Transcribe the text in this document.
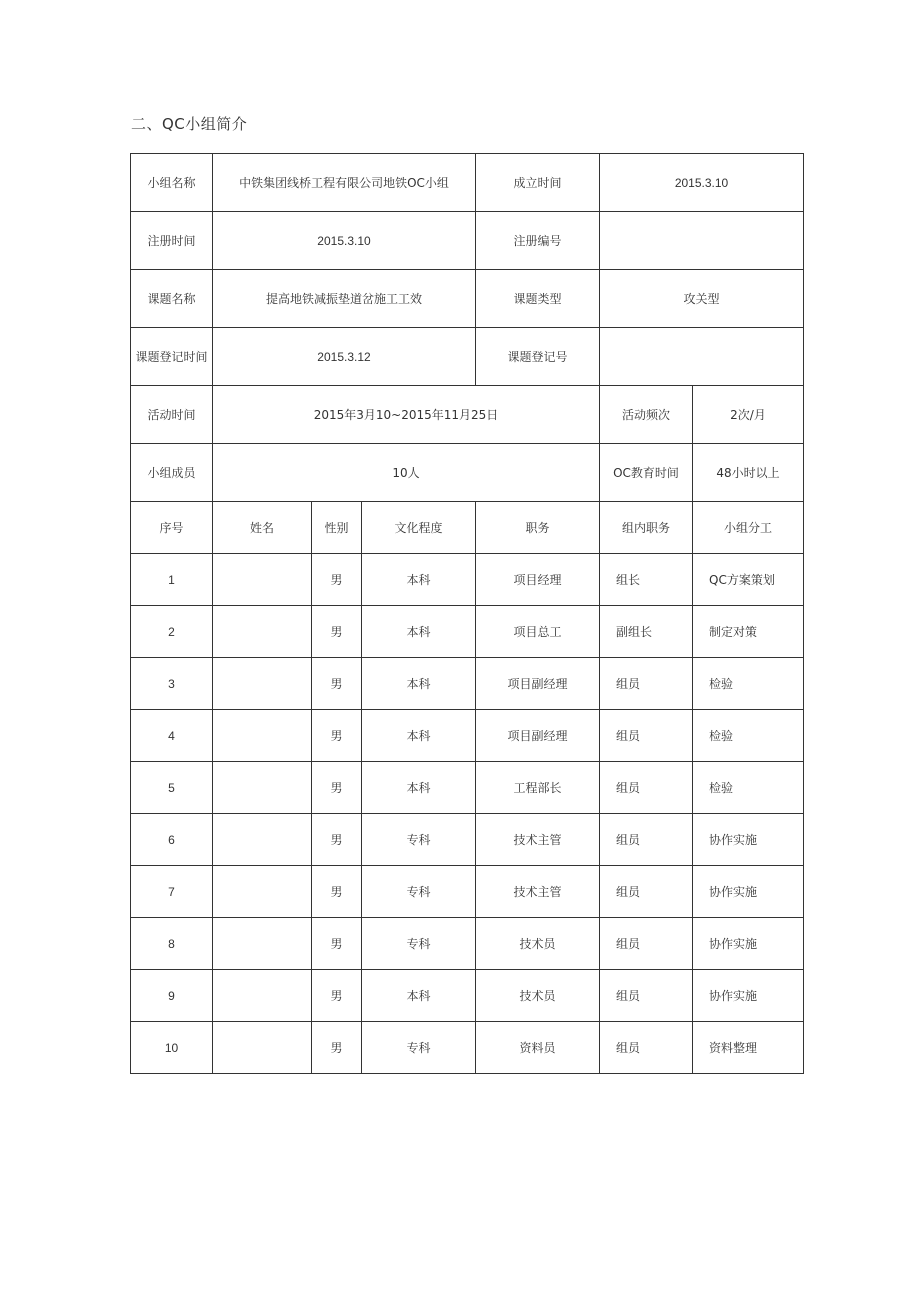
二、QC小组简介
小组名称	中铁集团线桥工程有限公司地铁OC小组			成立时间	2015.3.10	
注册时间	2015.3.10			注册编号		
课题名称	提高地铁减振垫道岔施工工效			课题类型	攻关型	
课题登记时间	2015.3.12			课题登记号		
活动时间	2015年3月10~2015年11月25日				活动频次	2次/月
小组成员	10人				OC教育时间	48小时以上
序号	姓名	性别	文化程度	职务	组内职务	小组分工
1		男	本科	项目经理	组长	QC方案策划
2		男	本科	项目总工	副组长	制定对策
3		男	本科	项目副经理	组员	检验
4		男	本科	项目副经理	组员	检验
5		男	本科	工程部长	组员	检验
6		男	专科	技术主管	组员	协作实施
7		男	专科	技术主管	组员	协作实施
8		男	专科	技术员	组员	协作实施
9		男	本科	技术员	组员	协作实施
10		男	专科	资料员	组员	资料整理
